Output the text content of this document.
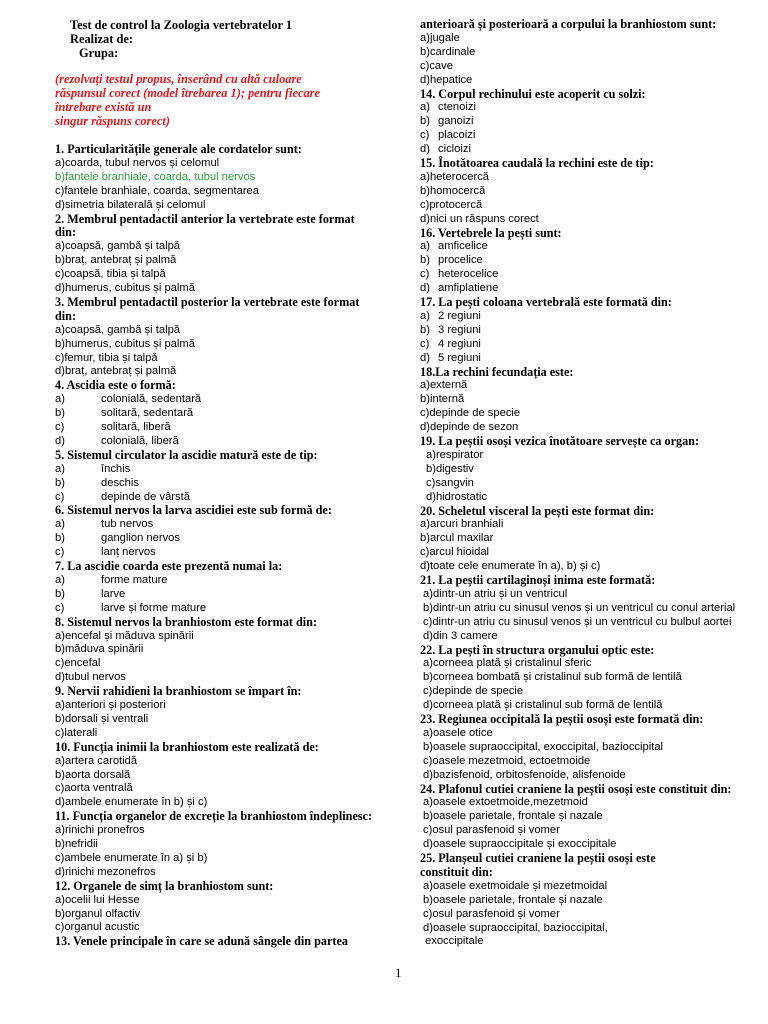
Test de control la Zoologia vertebratelor 1
Realizat de:
Grupa:
(rezolvați testul propus, înserând cu altă culoare
răspunsul corect (model îtrebarea 1); pentru fiecare
întrebare există un
singur răspuns corect)
1. Particularitățile generale ale cordatelor sunt:
a)coarda, tubul nervos și celomul
b)fantele branhiale, coarda, tubul nervos
c)fantele branhiale, coarda, segmentarea
d)simetria bilaterală și celomul
2. Membrul pentadactil anterior la vertebrate este format
din:
a)coapsă, gambă și talpă
b)braț, antebraț și palmă
c)coapsă, tibia și talpă
d)humerus, cubitus și palmă
3. Membrul pentadactil posterior la vertebrate este format
din:
a)coapsă, gambă și talpă
b)humerus, cubitus și palmă
c)femur, tibia și talpă
d)braț, antebraț și palmă
4. Ascidia este o formă:
a)	colonială, sedentară
b)	solitară, sedentară
c)	solitară, liberă
d)	colonială, liberă
5. Sistemul circulator la ascidie matură este de tip:
a)	închis
b)	deschis
c)	depinde de vârstă
6. Sistemul nervos la larva ascidiei este sub formă de:
a)	tub nervos
b)	ganglion nervos
c)	lanț nervos
7. La ascidie coarda este prezentă numai la:
a)	forme mature
b)	larve
c)	larve și forme mature
8. Sistemul nervos la branhiostom este format din:
a)encefal și măduva spinării
b)măduva spinării
c)encefal
d)tubul nervos
9. Nervii rahidieni la branhiostom se împart în:
a)anteriori și posteriori
b)dorsali și ventrali
c)laterali
10. Funcția inimii la branhiostom este realizată de:
a)artera carotidă
b)aorta dorsală
c)aorta ventrală
d)ambele enumerate în b) și c)
11. Funcția organelor de excreție la branhiostom îndeplinesc:
a)rinichi pronefros
b)nefridii
c)ambele enumerate în a) și b)
d)rinichi mezonefros
12. Organele de simț la branhiostom sunt:
a)ocelii lui Hesse
b)organul olfactiv
c)organul acustic
13. Venele principale în care se adună sângele din partea
anterioară și posterioară a corpului la branhiostom sunt:
a)jugale
b)cardinale
c)cave
d)hepatice
14. Corpul rechinului este acoperit cu solzi:
a)ctenoizi
b)ganoizi
c)placoizi
d)cicloizi
15. Înotătoarea caudală la rechini este de tip:
a)heterocercă
b)homocercă
c)protocercă
d)nici un răspuns corect
16. Vertebrele la pești sunt:
a)amficelice
b)procelice
c)heterocelice
d)amfiplatiene
17. La pești coloana vertebrală este formată din:
a)2 regiuni
b)3 regiuni
c)4 regiuni
d)5 regiuni
18.La rechini fecundația este:
a)externă
b)internă
c)depinde de specie
d)depinde de sezon
19. La peștii osoși vezica înotătoare servește ca organ:
a)respirator
b)digestiv
c)sangvin
d)hidrostatic
20. Scheletul visceral la pești este format din:
a)arcuri branhiali
b)arcul maxilar
c)arcul hioidal
d)toate cele enumerate în a), b) și c)
21. La peștii cartilaginoși inima este formată:
a)dintr-un atriu și un ventricul
b)dintr-un atriu cu sinusul venos și un ventricul cu conul arterial
c)dintr-un atriu cu sinusul venos și un ventricul cu bulbul aortei
d)din 3 camere
22. La pești în structura organului optic este:
a)corneea plată și cristalinul sferic
b)corneea bombată și cristalinul sub formă de lentilă
c)depinde de specie
d)corneea plată și cristalinul sub formă de lentilă
23. Regiunea occipitală la peștii osoși este formată din:
a)oasele otice
b)oasele supraoccipital, exoccipital, bazioccipital
c)oasele mezetmoid, ectoetmoide
d)bazisfenoid, orbitosfenoide, alisfenoide
24. Plafonul cutiei craniene la peștii osoși este constituit din:
a)oasele extoetmoide,mezetmoid
b)oasele parietale, frontale și nazale
c)osul parasfenoid și vomer
d)oasele supraoccipitale și exoccipitale
25. Planșeul cutiei craniene la peștii osoși este
constituit din:
a)oasele exetmoidale și mezetmoidal
b)oasele parietale, frontale și nazale
c)osul parasfenoid și vomer
d)oasele supraoccipital, bazioccipital,
exoccipitale
1
